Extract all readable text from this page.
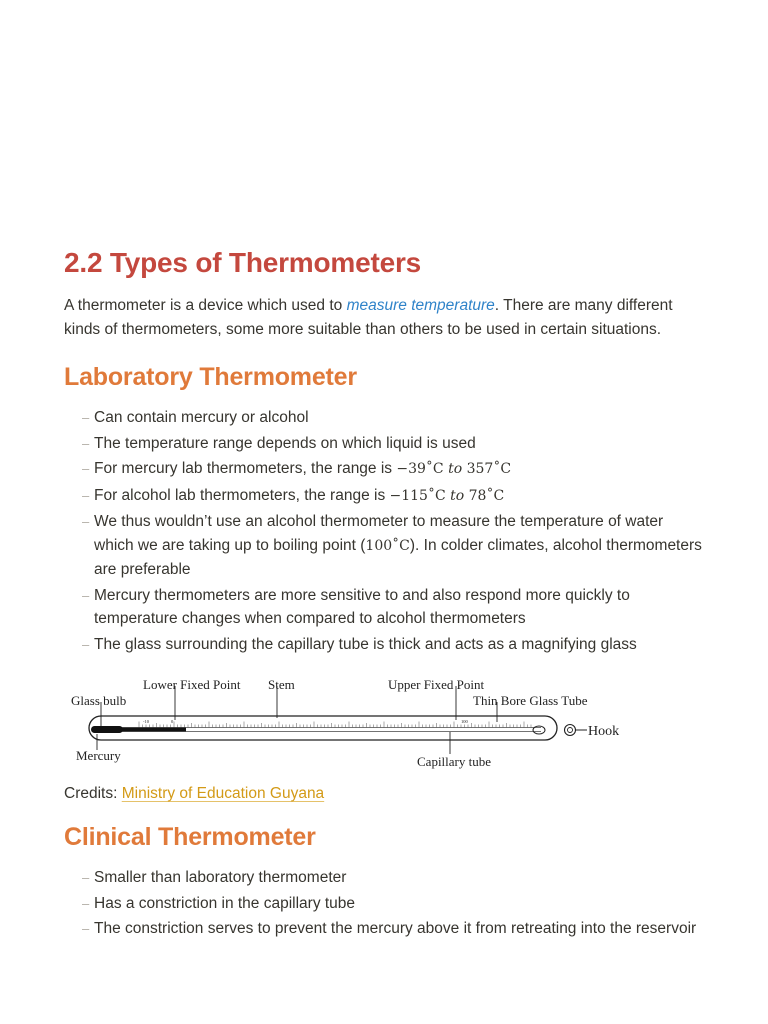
2.2 Types of Thermometers

A thermometer is a device which used to measure temperature. There are many different kinds of thermometers, some more suitable than others to be used in certain situations.

Laboratory Thermometer
– Can contain mercury or alcohol
– The temperature range depends on which liquid is used
– For mercury lab thermometers, the range is −39˚C to 357˚C
– For alcohol lab thermometers, the range is −115˚C to 78˚C
– We thus wouldn’t use an alcohol thermometer to measure the temperature of water which we are taking up to boiling point (100˚C). In colder climates, alcohol thermometers are preferable
– Mercury thermometers are more sensitive to and also respond more quickly to temperature changes when compared to alcohol thermometers
– The glass surrounding the capillary tube is thick and acts as a magnifying glass
-10	0	100
Glass bulb
Lower Fixed Point Stem	Upper Fixed Point
Thin Bore Glass Tube
Hook
Mercury	Capillary tube

Credits: Ministry of Education Guyana

Clinical Thermometer
– Smaller than laboratory thermometer
– Has a constriction in the capillary tube
– The constriction serves to prevent the mercury above it from retreating into the reservoir
